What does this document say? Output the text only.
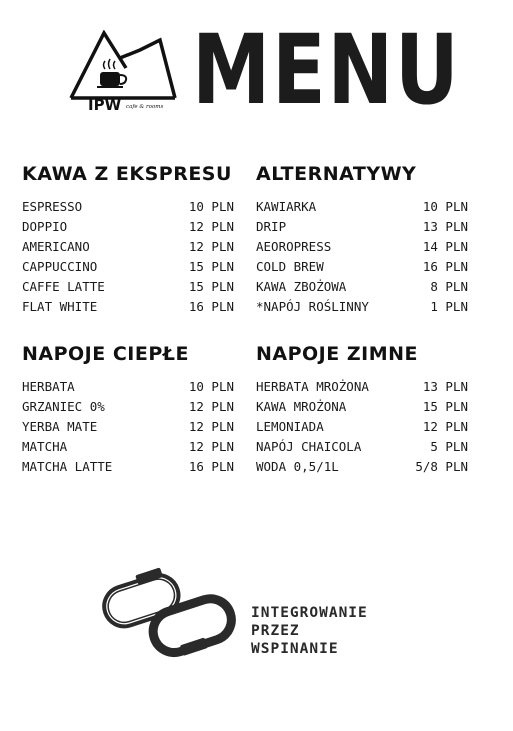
IPW cafe & rooms MENU
KAWA Z EKSPRESU
ESPRESSO	10 PLN
DOPPIO	12 PLN
AMERICANO	12 PLN
CAPPUCCINO	15 PLN
CAFFE LATTE	15 PLN
FLAT WHITE	16 PLN
ALTERNATYWY
KAWIARKA	10 PLN
DRIP	13 PLN
AEOROPRESS	14 PLN
COLD BREW	16 PLN
KAWA ZBOŻOWA	8 PLN
*NAPÓJ ROŚLINNY	1 PLN
NAPOJE CIEPŁE
HERBATA	10 PLN
GRZANIEC 0%	12 PLN
YERBA MATE	12 PLN
MATCHA	12 PLN
MATCHA LATTE	16 PLN
NAPOJE ZIMNE
HERBATA MROŻONA	13 PLN
KAWA MROŻONA	15 PLN
LEMONIADA	12 PLN
NAPÓJ CHAICOLA	5 PLN
WODA 0,5/1L	5/8 PLN
INTEGROWANIE
PRZEZ
WSPINANIE
